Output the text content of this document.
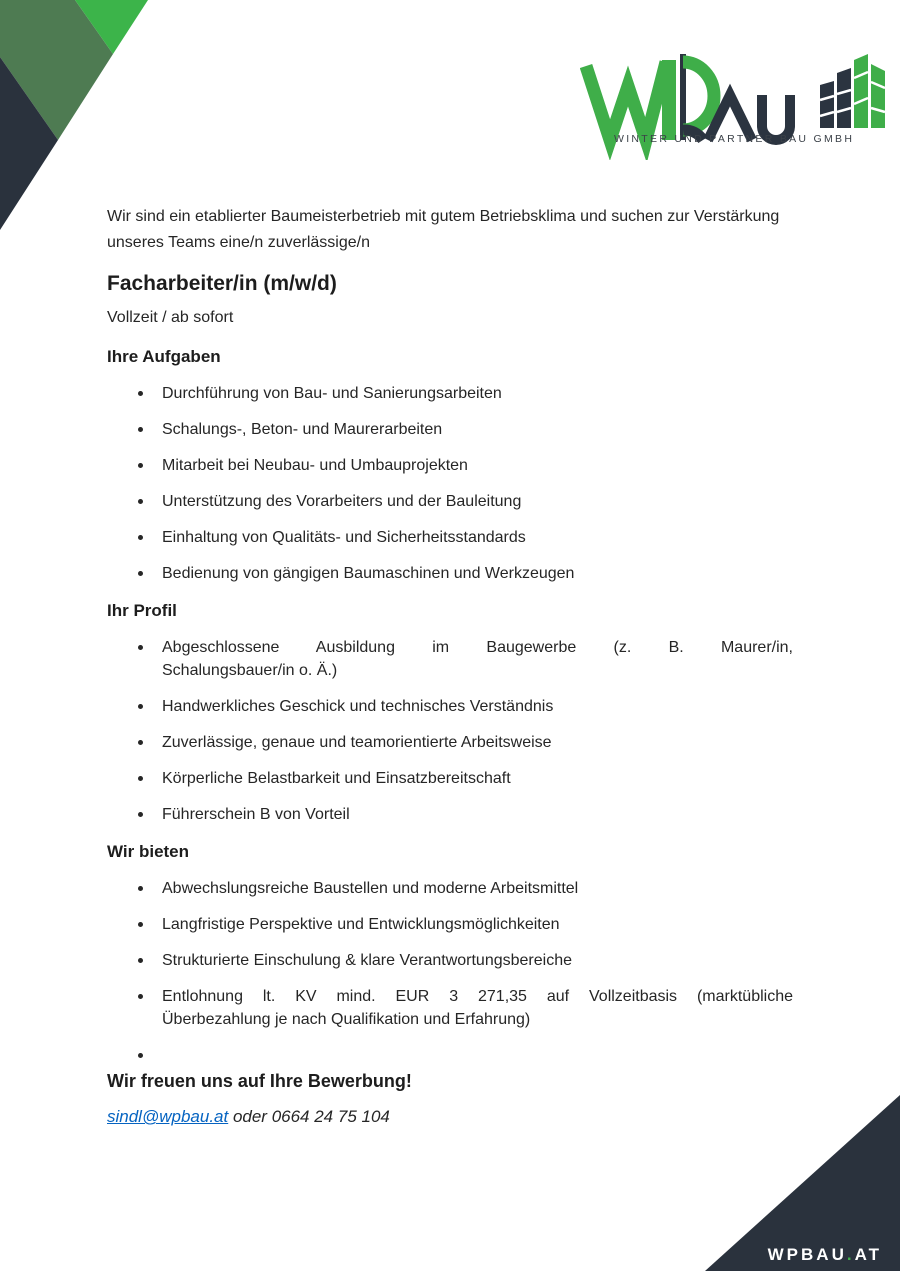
WINTER UND PARTNER BAU GMBH

Wir sind ein etablierter Baumeisterbetrieb mit gutem Betriebsklima und suchen zur Verstärkung unseres Teams eine/n zuverlässige/n

Facharbeiter/in (m/w/d)

Vollzeit / ab sofort

Ihre Aufgaben
Durchführung von Bau- und Sanierungsarbeiten
Schalungs-, Beton- und Maurerarbeiten
Mitarbeit bei Neubau- und Umbauprojekten
Unterstützung des Vorarbeiters und der Bauleitung
Einhaltung von Qualitäts- und Sicherheitsstandards
Bedienung von gängigen Baumaschinen und Werkzeugen
Ihr Profil
Abgeschlossene Ausbildung im Baugewerbe (z. B. Maurer/in,
Schalungsbauer/in o. Ä.)
Handwerkliches Geschick und technisches Verständnis
Zuverlässige, genaue und teamorientierte Arbeitsweise
Körperliche Belastbarkeit und Einsatzbereitschaft
Führerschein B von Vorteil
Wir bieten
Abwechslungsreiche Baustellen und moderne Arbeitsmittel
Langfristige Perspektive und Entwicklungsmöglichkeiten
Strukturierte Einschulung & klare Verantwortungsbereiche
Entlohnung lt. KV mind. EUR 3 271,35 auf Vollzeitbasis (marktübliche
Überbezahlung je nach Qualifikation und Erfahrung)
Wir freuen uns auf Ihre Bewerbung!

sindl@wpbau.at oder 0664 24 75 104

WPBAU.AT
